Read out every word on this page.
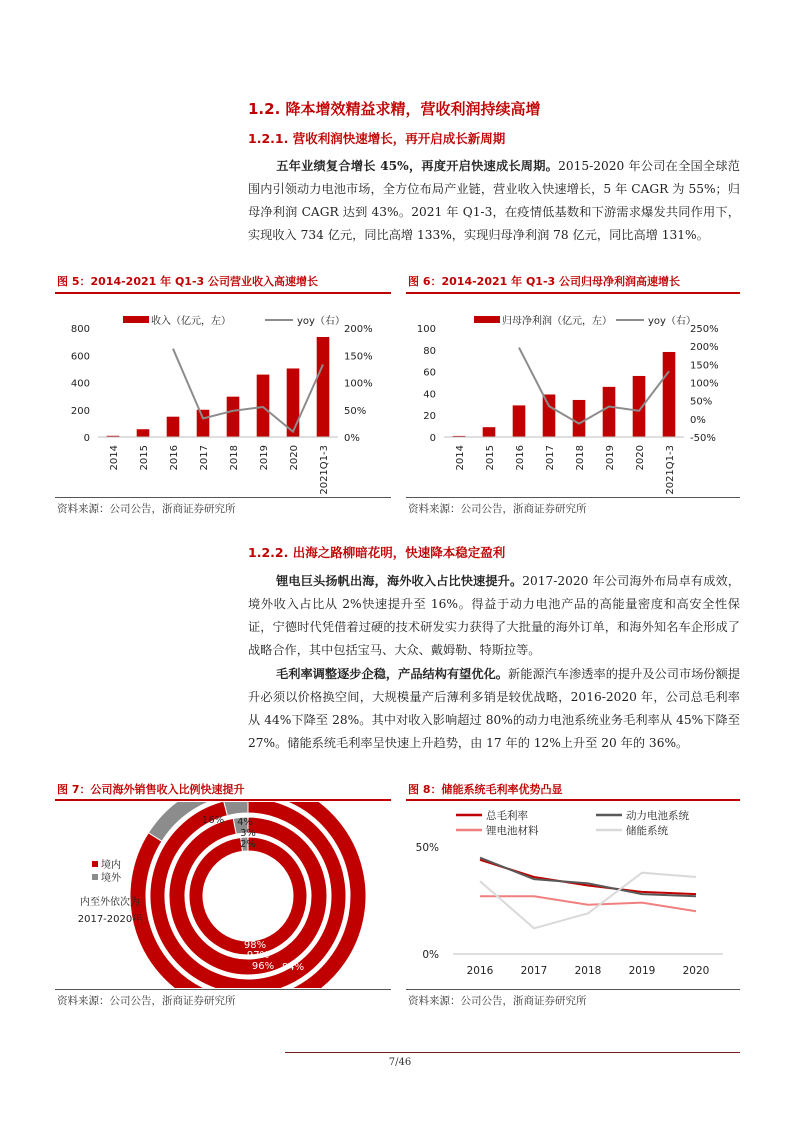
1.2. 降本增效精益求精，营收利润持续高增
1.2.1. 营收利润快速增长，再开启成长新周期
五年业绩复合增长 45%，再度开启快速成长周期。2015-2020 年公司在全国全球范围内引领动力电池市场，全方位布局产业链，营业收入快速增长，5 年 CAGR 为 55%；归母净利润 CAGR 达到 43%。2021 年 Q1-3，在疫情低基数和下游需求爆发共同作用下，实现收入 734 亿元，同比高增 133%，实现归母净利润 78 亿元，同比高增 131%。
图 5：2014-2021 年 Q1-3 公司营业收入高速增长
收入（亿元，左）	yoy（右）
0
200
400
600
800
0%
50%
100%
150%
200%
2014 2015 2016 2017 2018 2019 2020 2021Q1-3
资料来源：公司公告，浙商证券研究所
图 6：2014-2021 年 Q1-3 公司归母净利润高速增长
归母净利润（亿元，左）	yoy（右）
0
20
40
60
80
100
-50%
0%
50%
100%
150%
200%
250%
2014 2015 2016 2017 2018 2019 2020 2021Q1-3
资料来源：公司公告，浙商证券研究所
1.2.2. 出海之路柳暗花明，快速降本稳定盈利
锂电巨头扬帆出海，海外收入占比快速提升。2017-2020 年公司海外布局卓有成效，境外收入占比从 2%快速提升至 16%。得益于动力电池产品的高能量密度和高安全性保证，宁德时代凭借着过硬的技术研发实力获得了大批量的海外订单，和海外知名车企形成了战略合作，其中包括宝马、大众、戴姆勒、特斯拉等。
毛利率调整逐步企稳，产品结构有望优化。新能源汽车渗透率的提升及公司市场份额提升必须以价格换空间，大规模量产后薄利多销是较优战略，2016-2020 年，公司总毛利率从 44%下降至 28%。其中对收入影响超过 80%的动力电池系统业务毛利率从 45%下降至 27%。储能系统毛利率呈快速上升趋势，由 17 年的 12%上升至 20 年的 36%。
图 7：公司海外销售收入比例快速提升
2%
98%
3%
97%
4%
96%
16%
84%
境内
境外
内至外依次为
2017-2020年
资料来源：公司公告，浙商证券研究所
图 8：储能系统毛利率优势凸显
总毛利率	动力电池系统
锂电池材料	储能系统
0%
50%
2016	2017	2018	2019	2020
资料来源：公司公告，浙商证券研究所
7/46
